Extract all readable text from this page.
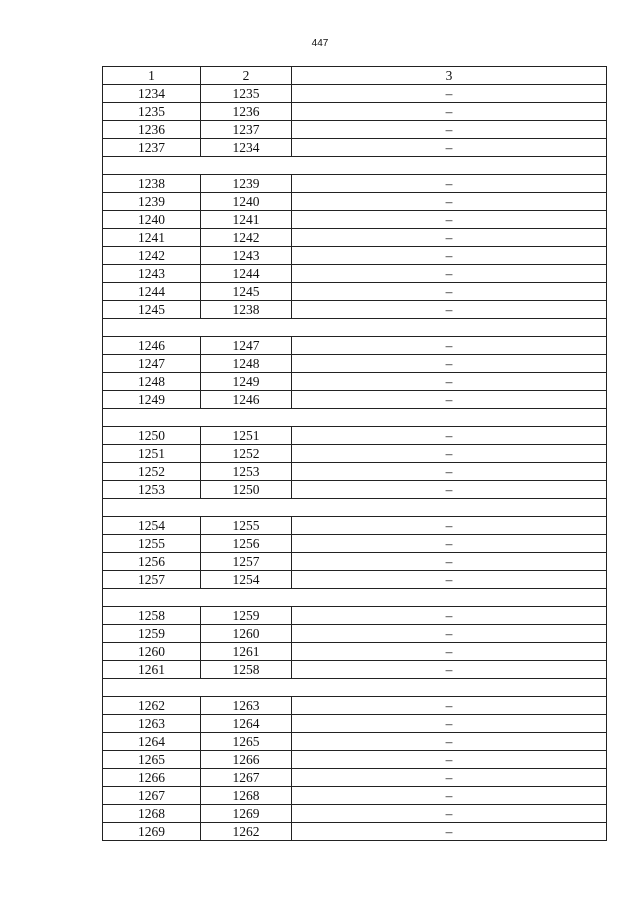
447
1	2	3
1234	1235	–
1235	1236	–
1236	1237	–
1237	1234	–

1238	1239	–
1239	1240	–
1240	1241	–
1241	1242	–
1242	1243	–
1243	1244	–
1244	1245	–
1245	1238	–

1246	1247	–
1247	1248	–
1248	1249	–
1249	1246	–

1250	1251	–
1251	1252	–
1252	1253	–
1253	1250	–

1254	1255	–
1255	1256	–
1256	1257	–
1257	1254	–

1258	1259	–
1259	1260	–
1260	1261	–
1261	1258	–

1262	1263	–
1263	1264	–
1264	1265	–
1265	1266	–
1266	1267	–
1267	1268	–
1268	1269	–
1269	1262	–
